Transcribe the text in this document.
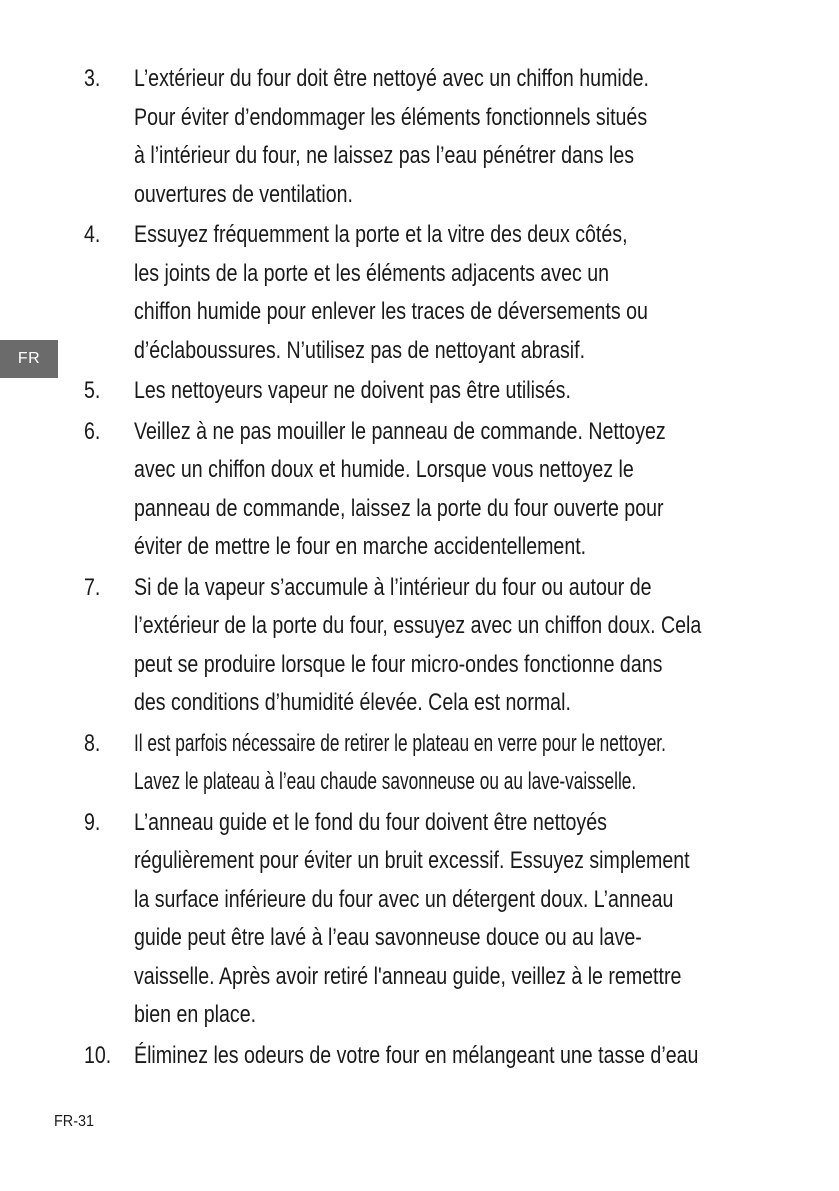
FR
3.	L’extérieur du four doit être nettoyé avec un chiffon humide.
Pour éviter d’endommager les éléments fonctionnels situés
à l’intérieur du four, ne laissez pas l’eau pénétrer dans les
ouvertures de ventilation.
4.	Essuyez fréquemment la porte et la vitre des deux côtés,
les joints de la porte et les éléments adjacents avec un
chiffon humide pour enlever les traces de déversements ou
d’éclaboussures. N’utilisez pas de nettoyant abrasif.
5.	Les nettoyeurs vapeur ne doivent pas être utilisés.
6.	Veillez à ne pas mouiller le panneau de commande. Nettoyez
avec un chiffon doux et humide. Lorsque vous nettoyez le
panneau de commande, laissez la porte du four ouverte pour
éviter de mettre le four en marche accidentellement.
7.	Si de la vapeur s’accumule à l’intérieur du four ou autour de
l’extérieur de la porte du four, essuyez avec un chiffon doux. Cela
peut se produire lorsque le four micro-ondes fonctionne dans
des conditions d’humidité élevée. Cela est normal.
8.	Il est parfois nécessaire de retirer le plateau en verre pour le nettoyer.
Lavez le plateau à l’eau chaude savonneuse ou au lave-vaisselle.
9.	L’anneau guide et le fond du four doivent être nettoyés
régulièrement pour éviter un bruit excessif. Essuyez simplement
la surface inférieure du four avec un détergent doux. L’anneau
guide peut être lavé à l’eau savonneuse douce ou au lave-
vaisselle. Après avoir retiré l'anneau guide, veillez à le remettre
bien en place.
10. Éliminez les odeurs de votre four en mélangeant une tasse d’eau
FR-31
